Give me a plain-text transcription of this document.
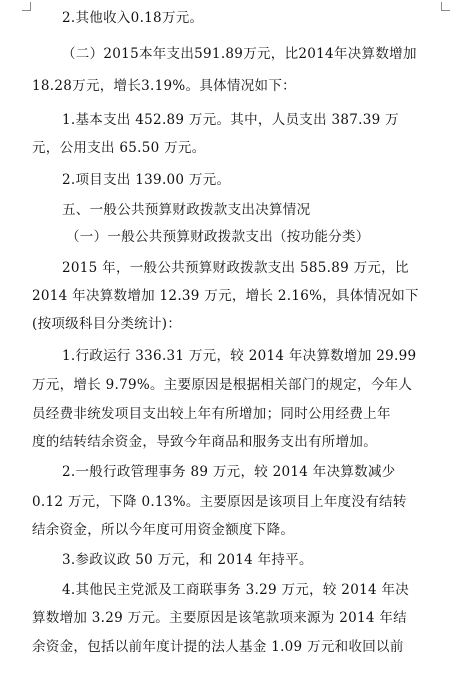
2.其他收入0.18万元。
（二）2015本年支出591.89万元，比2014年决算数增加
18.28万元，增长3.19%。具体情况如下：
1.基本支出 452.89 万元。其中，人员支出 387.39 万
元，公用支出 65.50 万元。
2.项目支出 139.00 万元。
五、一般公共预算财政拨款支出决算情况
（一）一般公共预算财政拨款支出（按功能分类）
2015 年，一般公共预算财政拨款支出 585.89 万元，比
2014 年决算数增加 12.39 万元，增长 2.16%，具体情况如下
(按项级科目分类统计)：
1.行政运行 336.31 万元，较 2014 年决算数增加 29.99
万元，增长 9.79%。主要原因是根据相关部门的规定，今年人
员经费非统发项目支出较上年有所增加；同时公用经费上年
度的结转结余资金，导致今年商品和服务支出有所增加。
2.一般行政管理事务 89 万元，较 2014 年决算数减少
0.12 万元，下降 0.13%。主要原因是该项目上年度没有结转
结余资金，所以今年度可用资金额度下降。
3.参政议政 50 万元，和 2014 年持平。
4.其他民主党派及工商联事务 3.29 万元，较 2014 年决
算数增加 3.29 万元。主要原因是该笔款项来源为 2014 年结
余资金，包括以前年度计提的法人基金 1.09 万元和收回以前
